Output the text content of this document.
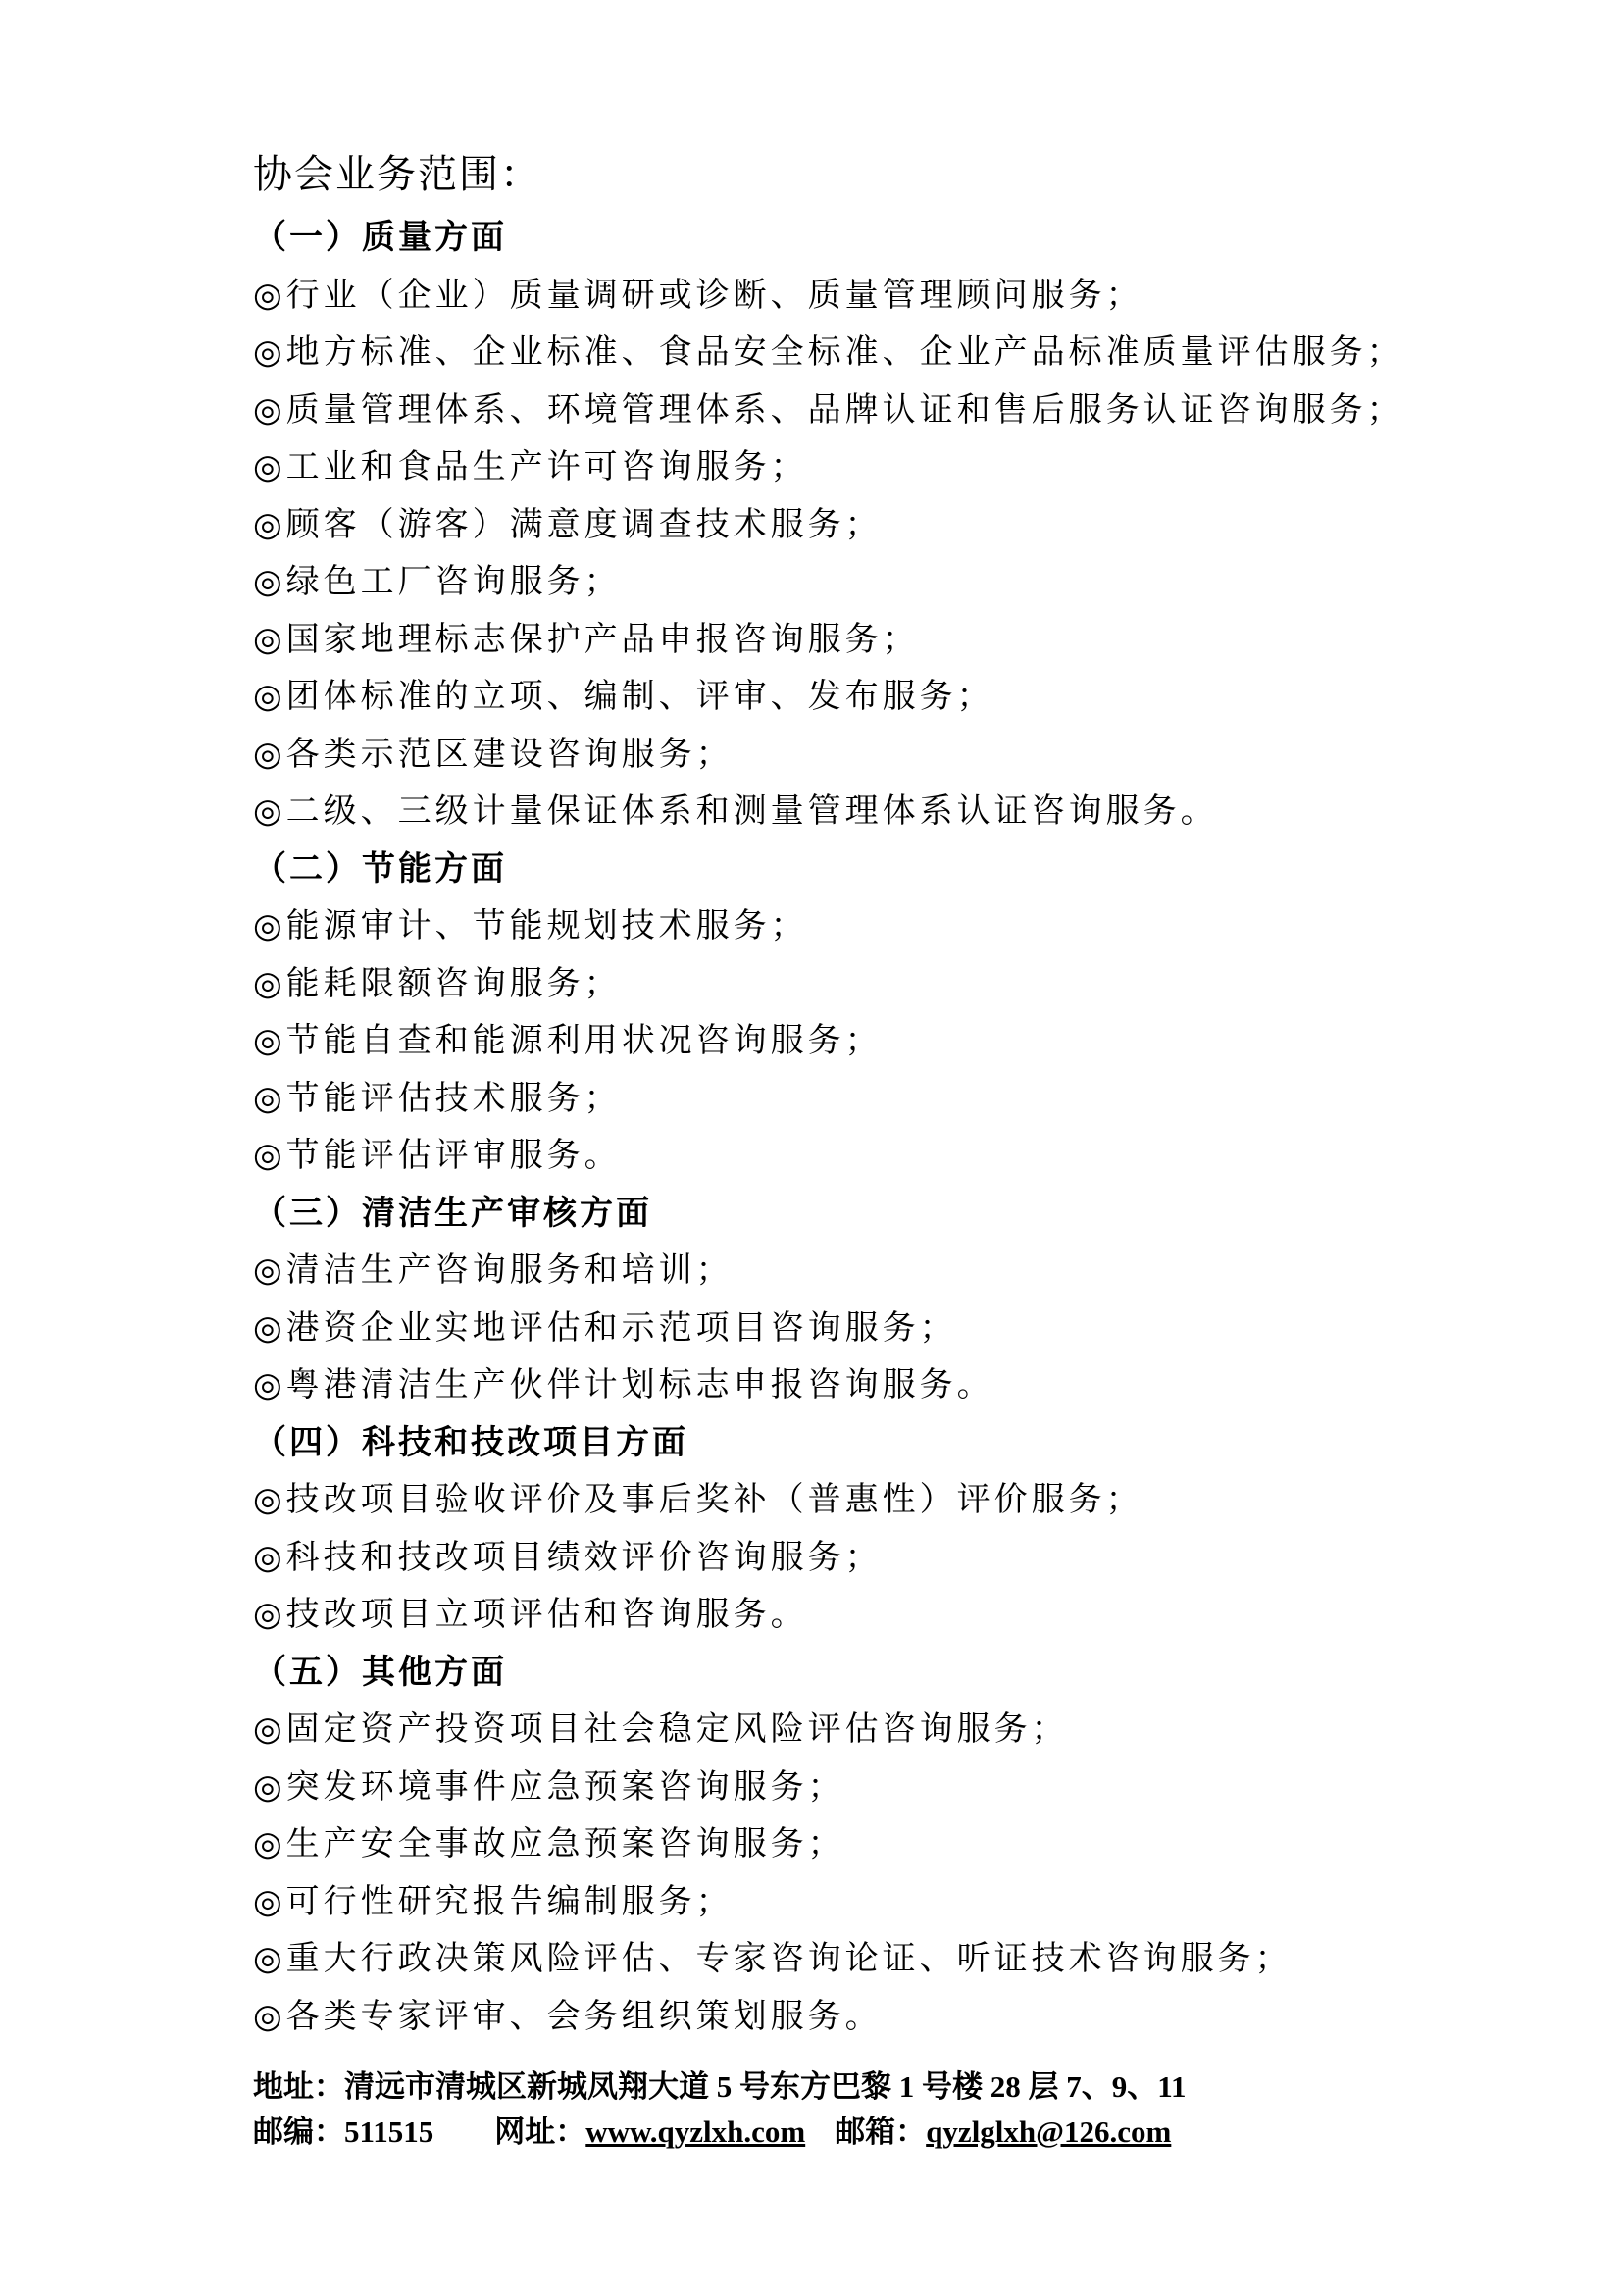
协会业务范围：
（一）质量方面
◎行业（企业）质量调研或诊断、质量管理顾问服务；
◎地方标准、企业标准、食品安全标准、企业产品标准质量评估服务；
◎质量管理体系、环境管理体系、品牌认证和售后服务认证咨询服务；
◎工业和食品生产许可咨询服务；
◎顾客（游客）满意度调查技术服务；
◎绿色工厂咨询服务；
◎国家地理标志保护产品申报咨询服务；
◎团体标准的立项、编制、评审、发布服务；
◎各类示范区建设咨询服务；
◎二级、三级计量保证体系和测量管理体系认证咨询服务。
（二）节能方面
◎能源审计、节能规划技术服务；
◎能耗限额咨询服务；
◎节能自查和能源利用状况咨询服务；
◎节能评估技术服务；
◎节能评估评审服务。
（三）清洁生产审核方面
◎清洁生产咨询服务和培训；
◎港资企业实地评估和示范项目咨询服务；
◎粤港清洁生产伙伴计划标志申报咨询服务。
（四）科技和技改项目方面
◎技改项目验收评价及事后奖补（普惠性）评价服务；
◎科技和技改项目绩效评价咨询服务；
◎技改项目立项评估和咨询服务。
（五）其他方面
◎固定资产投资项目社会稳定风险评估咨询服务；
◎突发环境事件应急预案咨询服务；
◎生产安全事故应急预案咨询服务；
◎可行性研究报告编制服务；
◎重大行政决策风险评估、专家咨询论证、听证技术咨询服务；
◎各类专家评审、会务组织策划服务。
地址：清远市清城区新城凤翔大道 5 号东方巴黎 1 号楼 28 层 7、9、11
邮编：511515 网址：www.qyzlxh.com 邮箱：qyzlglxh@126.com
